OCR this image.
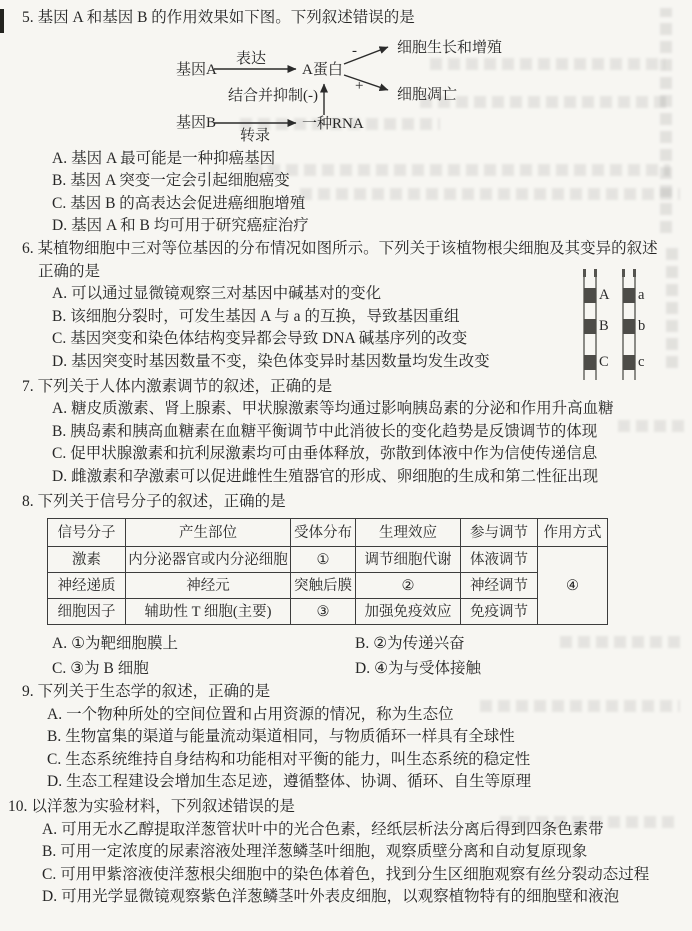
A
B
C
a
b
c
5. 基因 A 和基因 B 的作用效果如下图。下列叙述错误的是
基因A
表达
A蛋白
-	细胞生长和增殖
+
细胞凋亡
结合并抑制(-)
基因B
转录
一种RNA
A. 基因 A 最可能是一种抑癌基因
B. 基因 A 突变一定会引起细胞癌变
C. 基因 B 的高表达会促进癌细胞增殖
D. 基因 A 和 B 均可用于研究癌症治疗
6. 某植物细胞中三对等位基因的分布情况如图所示。下列关于该植物根尖细胞及其变异的叙述正确的是
A. 可以通过显微镜观察三对基因中碱基对的变化
B. 该细胞分裂时，可发生基因 A 与 a 的互换，导致基因重组
C. 基因突变和染色体结构变异都会导致 DNA 碱基序列的改变
D. 基因突变时基因数量不变，染色体变异时基因数量均发生改变
7. 下列关于人体内激素调节的叙述，正确的是
A. 糖皮质激素、肾上腺素、甲状腺激素等均通过影响胰岛素的分泌和作用升高血糖
B. 胰岛素和胰高血糖素在血糖平衡调节中此消彼长的变化趋势是反馈调节的体现
C. 促甲状腺激素和抗利尿激素均可由垂体释放，弥散到体液中作为信使传递信息
D. 雌激素和孕激素可以促进雌性生殖器官的形成、卵细胞的生成和第二性征出现
8. 下列关于信号分子的叙述，正确的是
信号分子	产生部位	受体分布	生理效应	参与调节	作用方式
激素	内分泌器官或内分泌细胞	①	调节细胞代谢	体液调节	④
神经递质	神经元	突触后膜	②	神经调节	
细胞因子	辅助性 T 细胞(主要)	③	加强免疫效应	免疫调节	
A. ①为靶细胞膜上	B. ②为传递兴奋
C. ③为 B 细胞	D. ④为与受体接触
9. 下列关于生态学的叙述，正确的是
A. 一个物种所处的空间位置和占用资源的情况，称为生态位
B. 生物富集的渠道与能量流动渠道相同，与物质循环一样具有全球性
C. 生态系统维持自身结构和功能相对平衡的能力，叫生态系统的稳定性
D. 生态工程建设会增加生态足迹，遵循整体、协调、循环、自生等原理
10. 以洋葱为实验材料，下列叙述错误的是
A. 可用无水乙醇提取洋葱管状叶中的光合色素，经纸层析法分离后得到四条色素带
B. 可用一定浓度的尿素溶液处理洋葱鳞茎叶细胞，观察质壁分离和自动复原现象
C. 可用甲紫溶液使洋葱根尖细胞中的染色体着色，找到分生区细胞观察有丝分裂动态过程
D. 可用光学显微镜观察紫色洋葱鳞茎叶外表皮细胞，以观察植物特有的细胞壁和液泡
